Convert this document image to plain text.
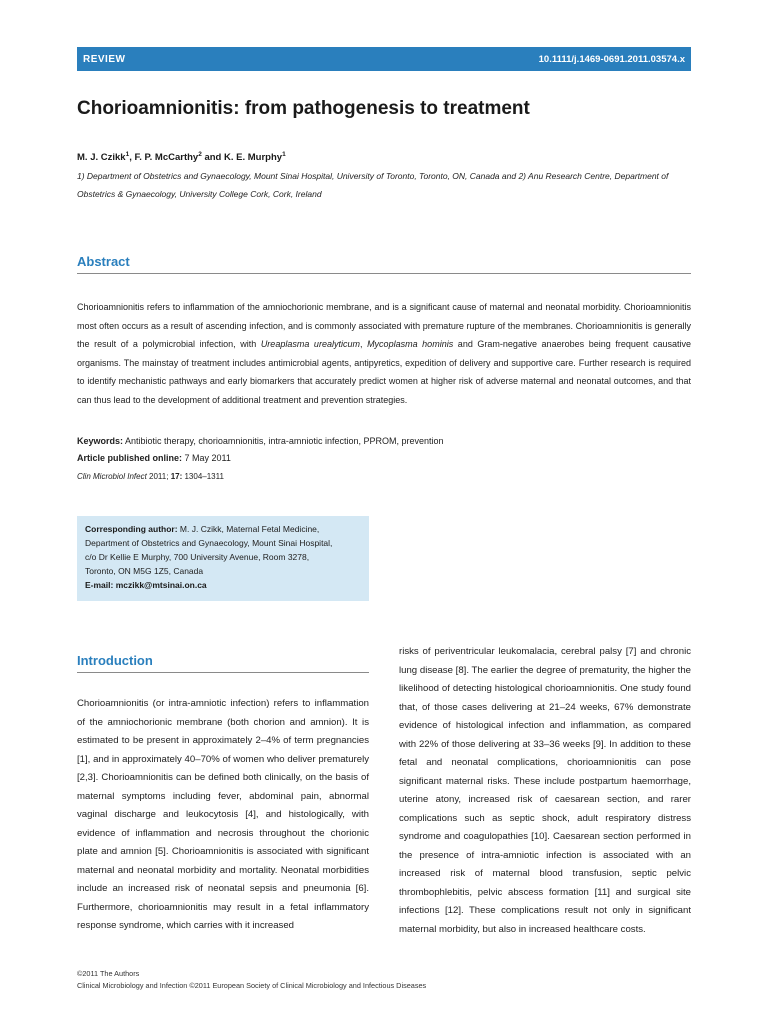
REVIEW	10.1111/j.1469-0691.2011.03574.x
Chorioamnionitis: from pathogenesis to treatment
M. J. Czikk$^1$, F. P. McCarthy$^2$ and K. E. Murphy$^1$
1) Department of Obstetrics and Gynaecology, Mount Sinai Hospital, University of Toronto, Toronto, ON, Canada and 2) Anu Research Centre, Department of Obstetrics & Gynaecology, University College Cork, Cork, Ireland
Abstract
Chorioamnionitis refers to inflammation of the amniochorionic membrane, and is a significant cause of maternal and neonatal morbidity. Chorioamnionitis most often occurs as a result of ascending infection, and is commonly associated with premature rupture of the membranes. Chorioamnionitis is generally the result of a polymicrobial infection, with Ureaplasma urealyticum, Mycoplasma hominis and Gram-negative anaerobes being frequent causative organisms. The mainstay of treatment includes antimicrobial agents, antipyretics, expedition of delivery and supportive care. Further research is required to identify mechanistic pathways and early biomarkers that accurately predict women at higher risk of adverse maternal and neonatal outcomes, and that can thus lead to the development of additional treatment and prevention strategies.
Keywords: Antibiotic therapy, chorioamnionitis, intra-amniotic infection, PPROM, prevention
Article published online: 7 May 2011
Clin Microbiol Infect 2011; 17: 1304–1311
Corresponding author: M. J. Czikk, Maternal Fetal Medicine,
Department of Obstetrics and Gynaecology, Mount Sinai Hospital,
c/o Dr Kellie E Murphy, 700 University Avenue, Room 3278,
Toronto, ON M5G 1Z5, Canada
E-mail: mczikk@mtsinai.on.ca
Introduction

Chorioamnionitis (or intra-amniotic infection) refers to inflammation of the amniochorionic membrane (both chorion and amnion). It is estimated to be present in approximately 2–4% of term pregnancies [1], and in approximately 40–70% of women who deliver prematurely [2,3]. Chorioamnionitis can be defined both clinically, on the basis of maternal symptoms including fever, abdominal pain, abnormal vaginal discharge and leukocytosis [4], and histologically, with evidence of inflammation and necrosis throughout the chorionic plate and amnion [5]. Chorioamnionitis is associated with significant maternal and neonatal morbidity and mortality. Neonatal morbidities include an increased risk of neonatal sepsis and pneumonia [6]. Furthermore, chorioamnionitis may result in a fetal inflammatory response syndrome, which carries with it increased

risks of periventricular leukomalacia, cerebral palsy [7] and chronic lung disease [8]. The earlier the degree of prematurity, the higher the likelihood of detecting histological chorioamnionitis. One study found that, of those cases delivering at 21–24 weeks, 67% demonstrate evidence of histological infection and inflammation, as compared with 22% of those delivering at 33–36 weeks [9]. In addition to these fetal and neonatal complications, chorioamnionitis can pose significant maternal risks. These include postpartum haemorrhage, uterine atony, increased risk of caesarean section, and rarer complications such as septic shock, adult respiratory distress syndrome and coagulopathies [10]. Caesarean section performed in the presence of intra-amniotic infection is associated with an increased risk of maternal blood transfusion, septic pelvic thrombophlebitis, pelvic abscess formation [11] and surgical site infections [12]. These complications result not only in significant maternal morbidity, but also in increased healthcare costs.

©2011 The Authors
Clinical Microbiology and Infection ©2011 European Society of Clinical Microbiology and Infectious Diseases
